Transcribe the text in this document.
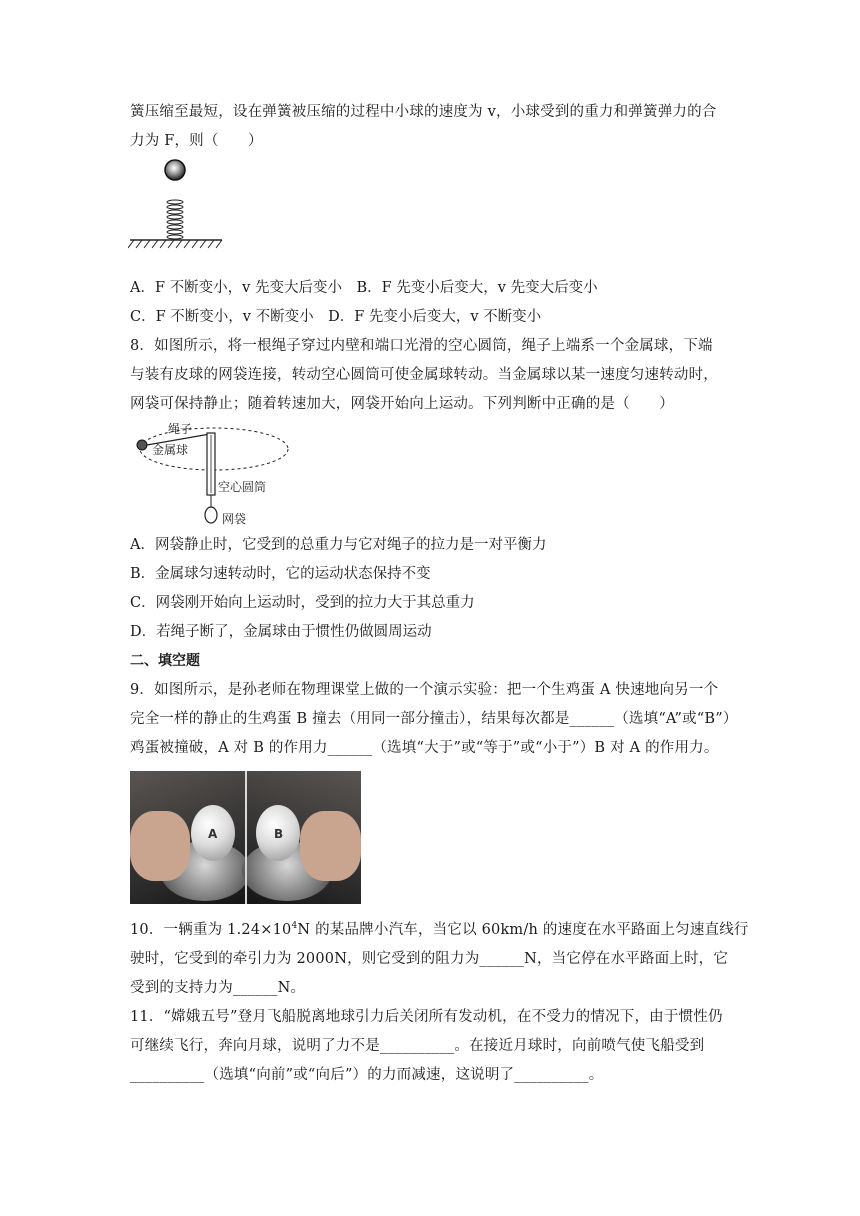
簧压缩至最短，设在弹簧被压缩的过程中小球的速度为 v，小球受到的重力和弹簧弹力的合
力为 F，则（　　）
A．F 不断变小，v 先变大后变小　B．F 先变小后变大，v 先变大后变小
C．F 不断变小，v 不断变小　D．F 先变小后变大，v 不断变小
8．如图所示，将一根绳子穿过内壁和端口光滑的空心圆筒，绳子上端系一个金属球，下端
与装有皮球的网袋连接，转动空心圆筒可使金属球转动。当金属球以某一速度匀速转动时，
网袋可保持静止；随着转速加大，网袋开始向上运动。下列判断中正确的是（　　）
绳子
金属球
空心圆筒
网袋
A．网袋静止时，它受到的总重力与它对绳子的拉力是一对平衡力
B．金属球匀速转动时，它的运动状态保持不变
C．网袋刚开始向上运动时，受到的拉力大于其总重力
D．若绳子断了，金属球由于惯性仍做圆周运动
二、填空题
9．如图所示，是孙老师在物理课堂上做的一个演示实验：把一个生鸡蛋 A 快速地向另一个
完全一样的静止的生鸡蛋 B 撞去（用同一部分撞击），结果每次都是______（选填“A”或“B”）
鸡蛋被撞破，A 对 B 的作用力______（选填“大于”或“等于”或“小于”）B 对 A 的作用力。
A	B
10．一辆重为 $1.24\times 10^4N$ 的某品牌小汽车，当它以 60km/h 的速度在水平路面上匀速直线行
驶时，它受到的牵引力为 2000N，则它受到的阻力为______N，当它停在水平路面上时，它
受到的支持力为______N。
11．“嫦娥五号”登月飞船脱离地球引力后关闭所有发动机，在不受力的情况下，由于惯性仍
可继续飞行，奔向月球，说明了力不是__________。在接近月球时，向前喷气使飞船受到
__________（选填“向前”或“向后”）的力而减速，这说明了__________。
